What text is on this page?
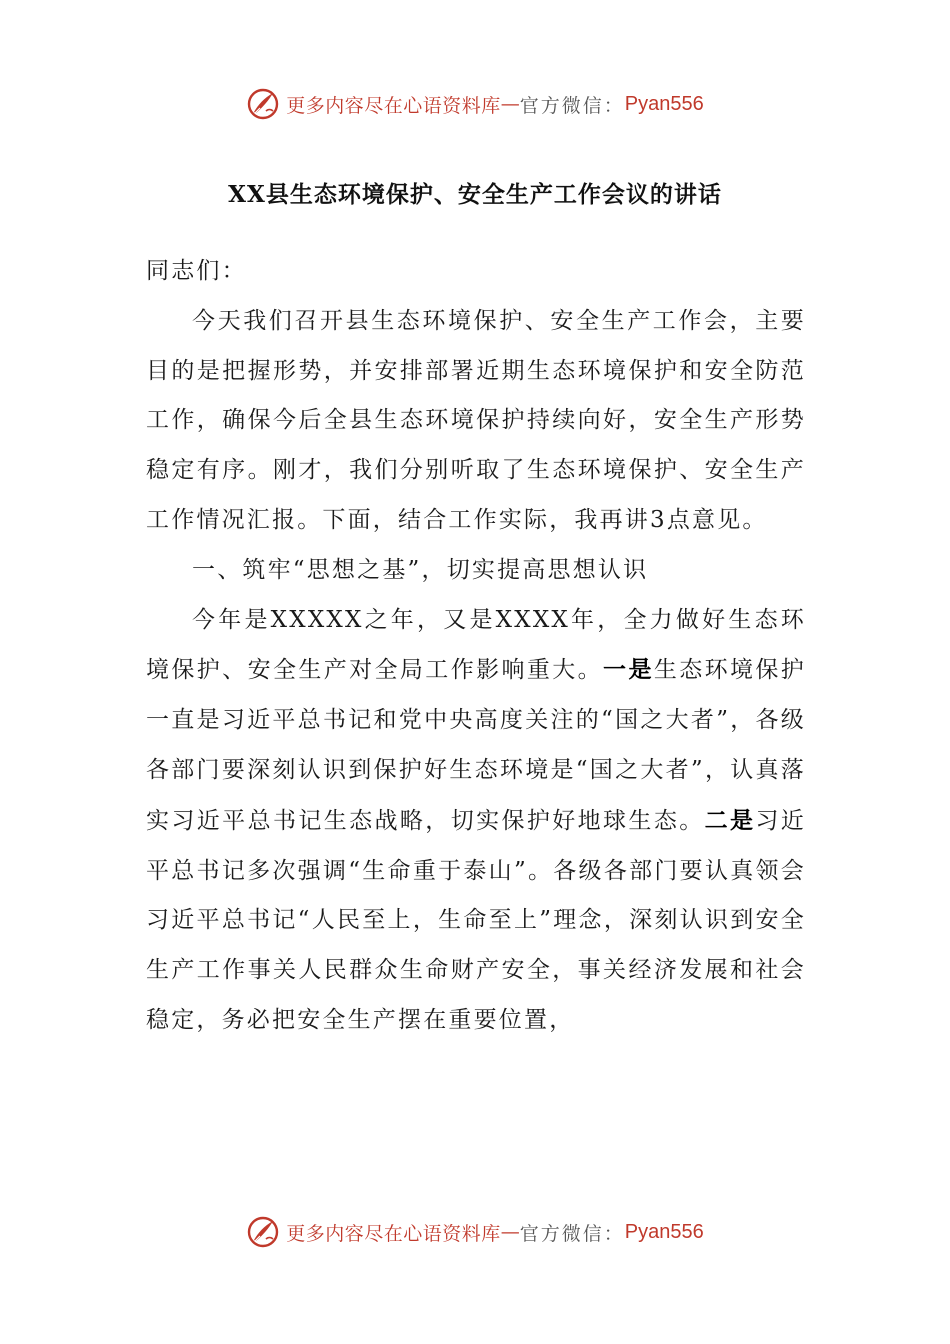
更多内容尽在心语资料库 — 官方微信： Pyan556
XX县生态环境保护、安全生产工作会议的讲话

同志们：

今天我们召开县生态环境保护、安全生产工作会，主要目的是把握形势，并安排部署近期生态环境保护和安全防范工作，确保今后全县生态环境保护持续向好，安全生产形势稳定有序。刚才，我们分别听取了生态环境保护、安全生产工作情况汇报。下面，结合工作实际，我再讲3点意见。

一、筑牢“思想之基”，切实提高思想认识

今年是XXXXX之年，又是XXXX年，全力做好生态环境保护、安全生产对全局工作影响重大。一是生态环境保护一直是习近平总书记和党中央高度关注的“国之大者”，各级各部门要深刻认识到保护好生态环境是“国之大者”，认真落实习近平总书记生态战略，切实保护好地球生态。二是习近平总书记多次强调“生命重于泰山”。各级各部门要认真领会习近平总书记“人民至上，生命至上”理念，深刻认识到安全生产工作事关人民群众生命财产安全，事关经济发展和社会稳定，务必把安全生产摆在重要位置，

更多内容尽在心语资料库 — 官方微信： Pyan556
